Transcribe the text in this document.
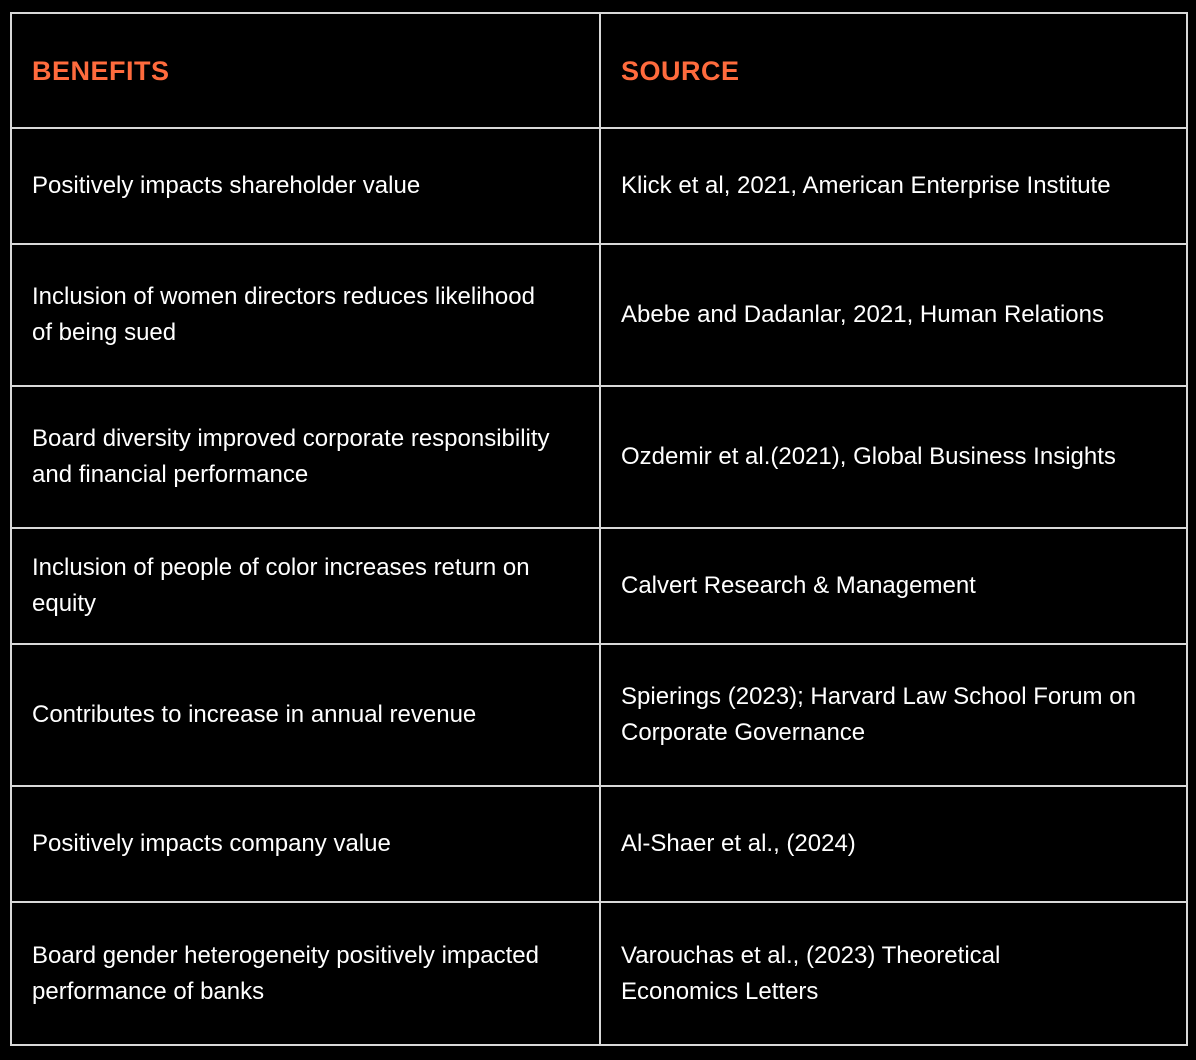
BENEFITS	SOURCE

Positively impacts shareholder value	Klick et al, 2021, American Enterprise Institute

Inclusion of women directors reduces likelihood
of being sued	Abebe and Dadanlar, 2021, Human Relations

Board diversity improved corporate responsibility
and financial performance	Ozdemir et al.(2021), Global Business Insights

Inclusion of people of color increases return on equity	Calvert Research & Management

Contributes to increase in annual revenue	Spierings (2023); Harvard Law School Forum on
Corporate Governance

Positively impacts company value	Al-Shaer et al., (2024)

Board gender heterogeneity positively impacted
performance of banks	Varouchas et al., (2023) Theoretical
Economics Letters
